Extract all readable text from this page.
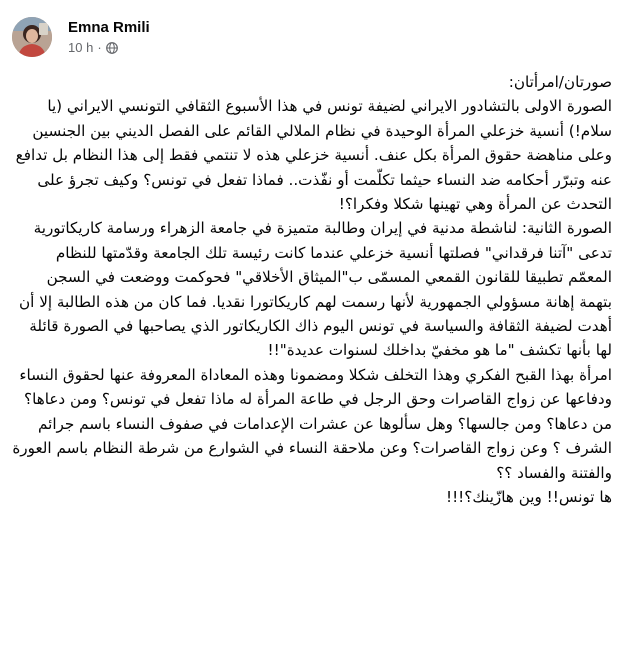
Emna Rmili
10 h ·

صورتان/امرأتان:

الصورة الاولى بالتشادور الايراني لضيفة تونس في هذا الأسبوع الثقافي التونسي الايراني (يا سلام!) أنسية خزعلي المرأة الوحيدة في نظام الملالي القائم على الفصل الديني بين الجنسين وعلى مناهضة حقوق المرأة بكل عنف. أنسية خزعلي هذه لا تنتمي فقط إلى هذا النظام بل تدافع عنه وتبرّر أحكامه ضد النساء حيثما تكلّمت أو نفّذت.. فماذا تفعل في تونس؟ وكيف تجرؤ على التحدث عن المرأة وهي تهينها شكلا وفكرا؟!

الصورة الثانية: لناشطة مدنية في إيران وطالبة متميزة في جامعة الزهراء ورسامة كاريكاتورية تدعى "آتنا فرقداني" فصلتها أنسية خزعلي عندما كانت رئيسة تلك الجامعة وقدّمتها للنظام المعمّم تطبيقا للقانون القمعي المسمّى ب"الميثاق الأخلاقي" فحوكمت ووضعت في السجن بتهمة إهانة مسؤولي الجمهورية لأنها رسمت لهم كاريكاتورا نقديا. فما كان من هذه الطالبة إلا أن أهدت لضيفة الثقافة والسياسة في تونس اليوم ذاك الكاريكاتور الذي يصاحبها في الصورة قائلة لها بأنها تكشف "ما هو مخفيّ بداخلك لسنوات عديدة"!!

امرأة بهذا القبح الفكري وهذا التخلف شكلا ومضمونا وهذه المعاداة المعروفة عنها لحقوق النساء ودفاعها عن زواج القاصرات وحق الرجل في طاعة المرأة له ماذا تفعل في تونس؟ ومن دعاها؟ من دعاها؟ ومن جالسها؟ وهل سألوها عن عشرات الإعدامات في صفوف النساء باسم جرائم الشرف ؟ وعن زواج القاصرات؟ وعن ملاحقة النساء في الشوارع من شرطة النظام باسم العورة والفتنة والفساد ؟؟

ها تونس!! وين هازّينك؟!!!
